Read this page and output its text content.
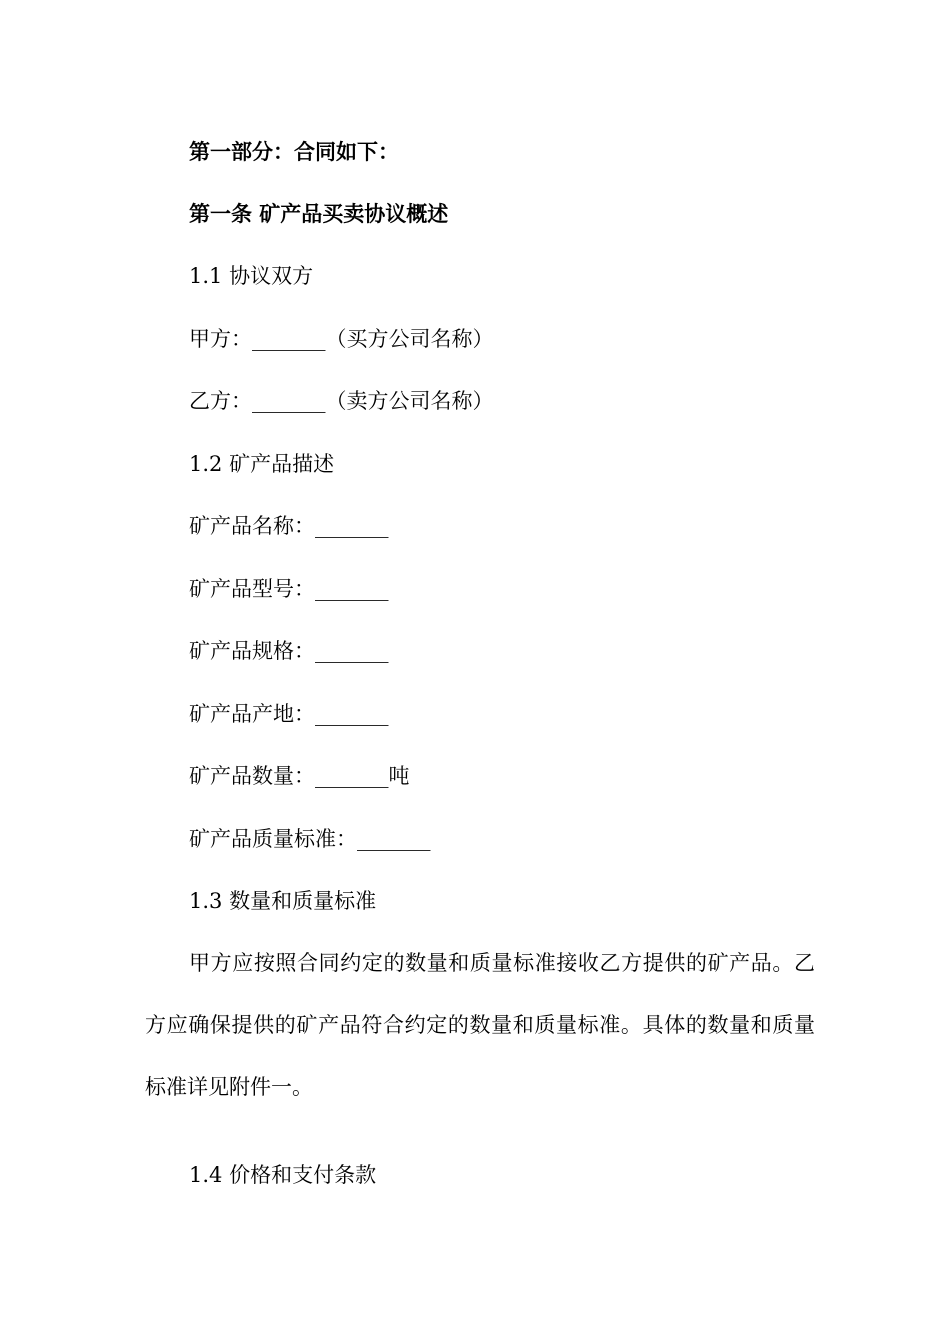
第一部分：合同如下：

第一条 矿产品买卖协议概述

1.1 协议双方

甲方：_______（买方公司名称）

乙方：_______（卖方公司名称）

1.2 矿产品描述

矿产品名称：_______

矿产品型号：_______

矿产品规格：_______

矿产品产地：_______

矿产品数量：_______吨

矿产品质量标准：_______

1.3 数量和质量标准

甲方应按照合同约定的数量和质量标准接收乙方提供的矿产品。乙方应确保提供的矿产品符合约定的数量和质量标准。具体的数量和质量标准详见附件一。

1.4 价格和支付条款
